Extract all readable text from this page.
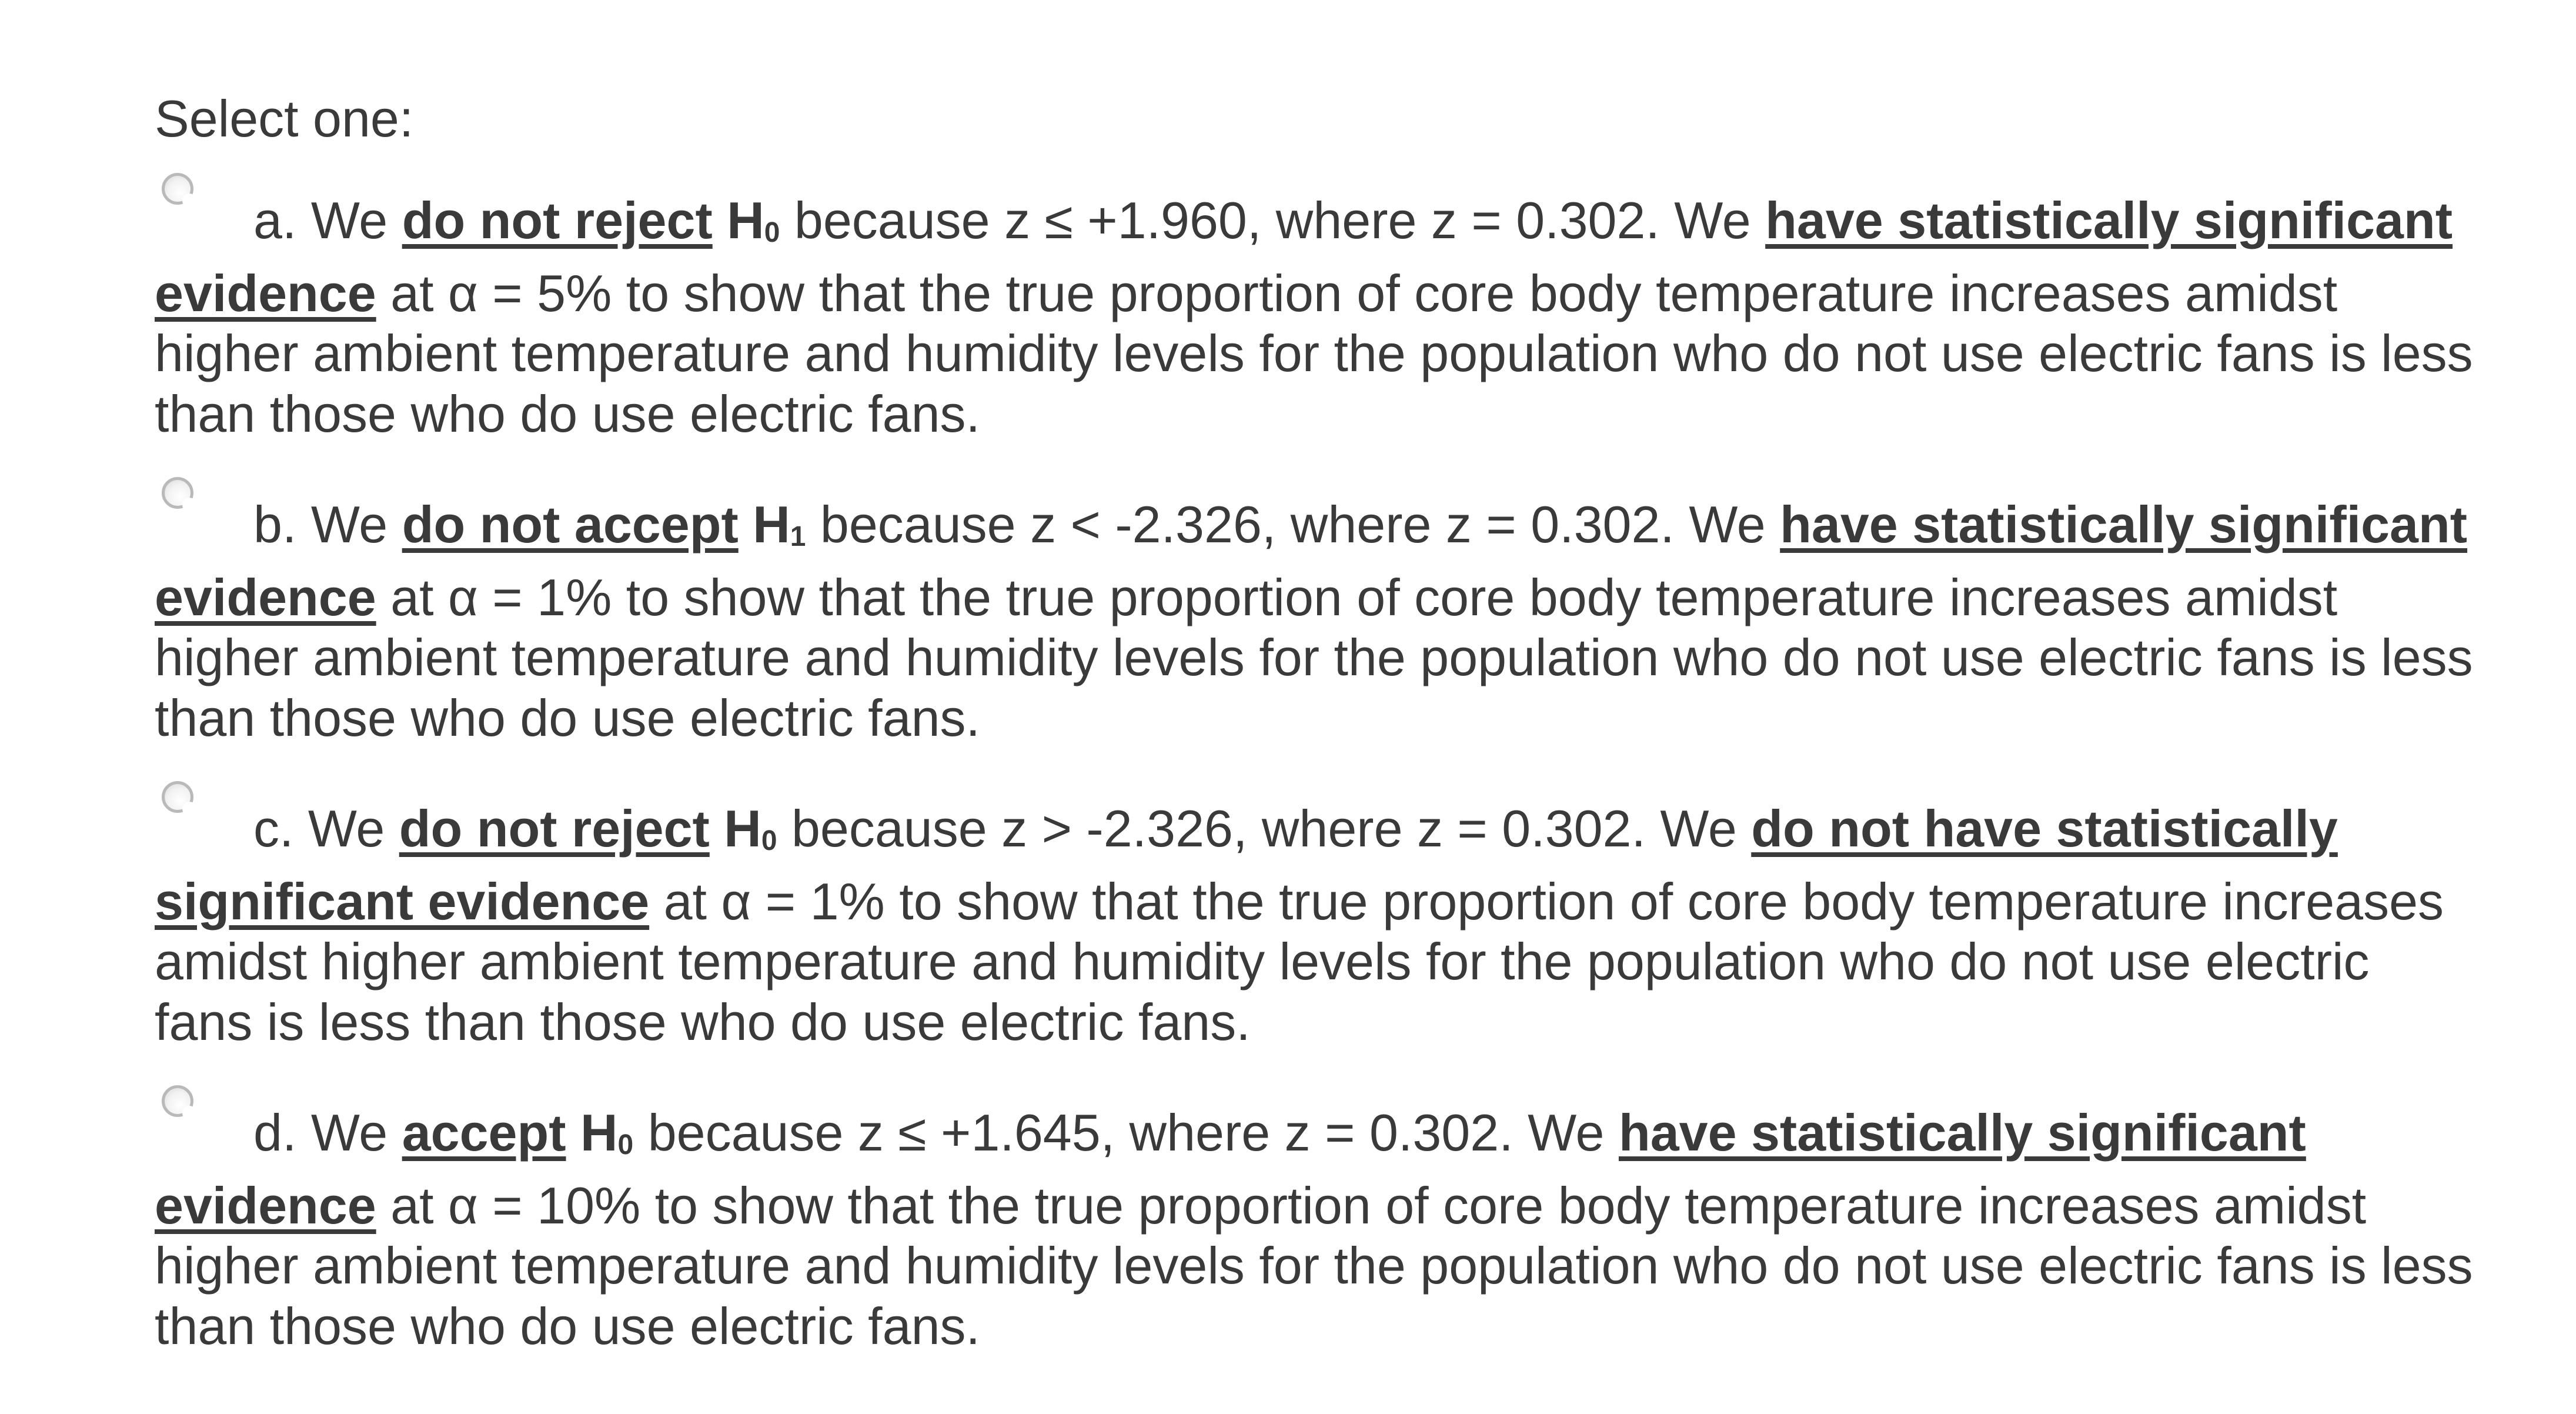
Select one:
a. We do not reject H0 because z ≤ +1.960, where z = 0.302. We have statistically significant evidence at α = 5% to show that the true proportion of core body temperature increases amidst higher ambient temperature and humidity levels for the population who do not use electric fans is less than those who do use electric fans.
b. We do not accept H1 because z < -2.326, where z = 0.302. We have statistically significant evidence at α = 1% to show that the true proportion of core body temperature increases amidst higher ambient temperature and humidity levels for the population who do not use electric fans is less than those who do use electric fans.
c. We do not reject H0 because z > -2.326, where z = 0.302. We do not have statistically significant evidence at α = 1% to show that the true proportion of core body temperature increases amidst higher ambient temperature and humidity levels for the population who do not use electric fans is less than those who do use electric fans.
d. We accept H0 because z ≤ +1.645, where z = 0.302. We have statistically significant evidence at α = 10% to show that the true proportion of core body temperature increases amidst higher ambient temperature and humidity levels for the population who do not use electric fans is less than those who do use electric fans.
